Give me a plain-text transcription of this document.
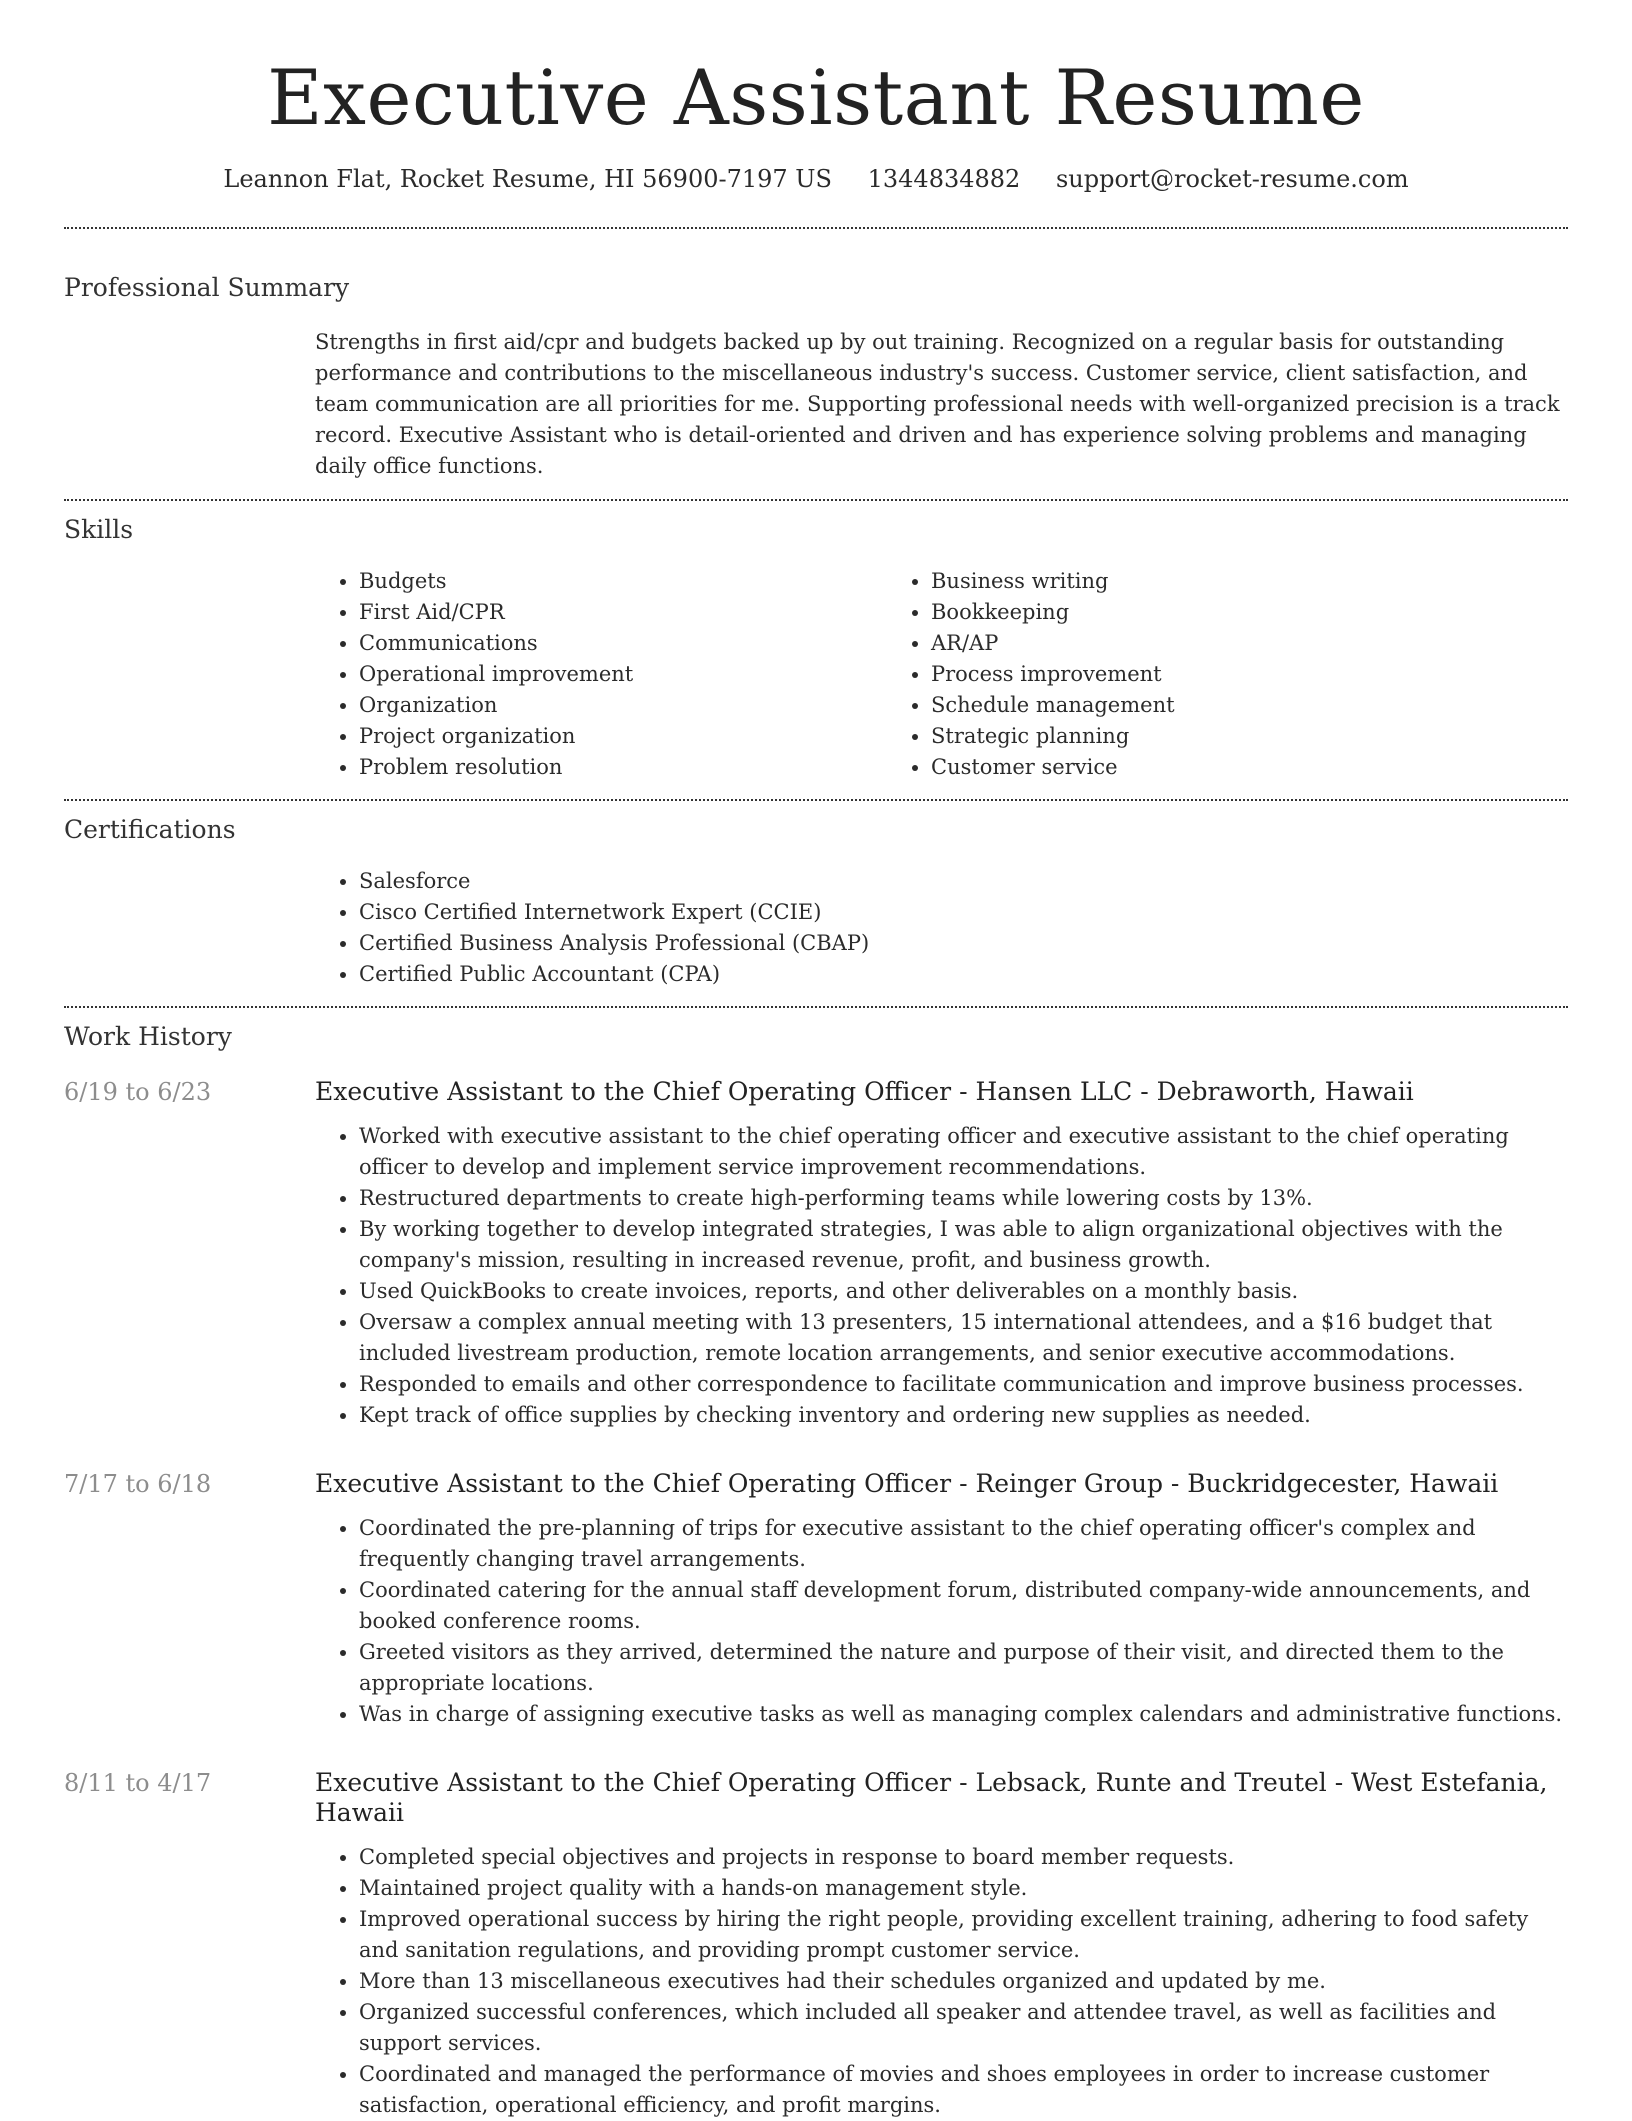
Executive Assistant Resume
Leannon Flat, Rocket Resume, HI 56900-7197 US 1344834882 support@rocket-resume.com
Professional Summary
Strengths in first aid/cpr and budgets backed up by out training. Recognized on a regular basis for outstanding performance and contributions to the miscellaneous industry's success. Customer service, client satisfaction, and team communication are all priorities for me. Supporting professional needs with well-organized precision is a track record. Executive Assistant who is detail-oriented and driven and has experience solving problems and managing daily office functions.
Skills
• Budgets
• First Aid/CPR
• Communications
• Operational improvement
• Organization
• Project organization
• Problem resolution
• Business writing
• Bookkeeping
• AR/AP
• Process improvement
• Schedule management
• Strategic planning
• Customer service
Certifications
• Salesforce
• Cisco Certified Internetwork Expert (CCIE)
• Certified Business Analysis Professional (CBAP)
• Certified Public Accountant (CPA)
Work History
6/19 to 6/23	Executive Assistant to the Chief Operating Officer - Hansen LLC - Debraworth, Hawaii
• Worked with executive assistant to the chief operating officer and executive assistant to the chief operating officer to develop and implement service improvement recommendations.
• Restructured departments to create high-performing teams while lowering costs by 13%.
• By working together to develop integrated strategies, I was able to align organizational objectives with the company's mission, resulting in increased revenue, profit, and business growth.
• Used QuickBooks to create invoices, reports, and other deliverables on a monthly basis.
• Oversaw a complex annual meeting with 13 presenters, 15 international attendees, and a $16 budget that included livestream production, remote location arrangements, and senior executive accommodations.
• Responded to emails and other correspondence to facilitate communication and improve business processes.
• Kept track of office supplies by checking inventory and ordering new supplies as needed.
7/17 to 6/18	Executive Assistant to the Chief Operating Officer - Reinger Group - Buckridgecester, Hawaii
• Coordinated the pre-planning of trips for executive assistant to the chief operating officer's complex and frequently changing travel arrangements.
• Coordinated catering for the annual staff development forum, distributed company-wide announcements, and booked conference rooms.
• Greeted visitors as they arrived, determined the nature and purpose of their visit, and directed them to the appropriate locations.
• Was in charge of assigning executive tasks as well as managing complex calendars and administrative functions.
8/11 to 4/17	Executive Assistant to the Chief Operating Officer - Lebsack, Runte and Treutel - West Estefania, Hawaii
• Completed special objectives and projects in response to board member requests.
• Maintained project quality with a hands-on management style.
• Improved operational success by hiring the right people, providing excellent training, adhering to food safety and sanitation regulations, and providing prompt customer service.
• More than 13 miscellaneous executives had their schedules organized and updated by me.
• Organized successful conferences, which included all speaker and attendee travel, as well as facilities and support services.
• Coordinated and managed the performance of movies and shoes employees in order to increase customer satisfaction, operational efficiency, and profit margins.
